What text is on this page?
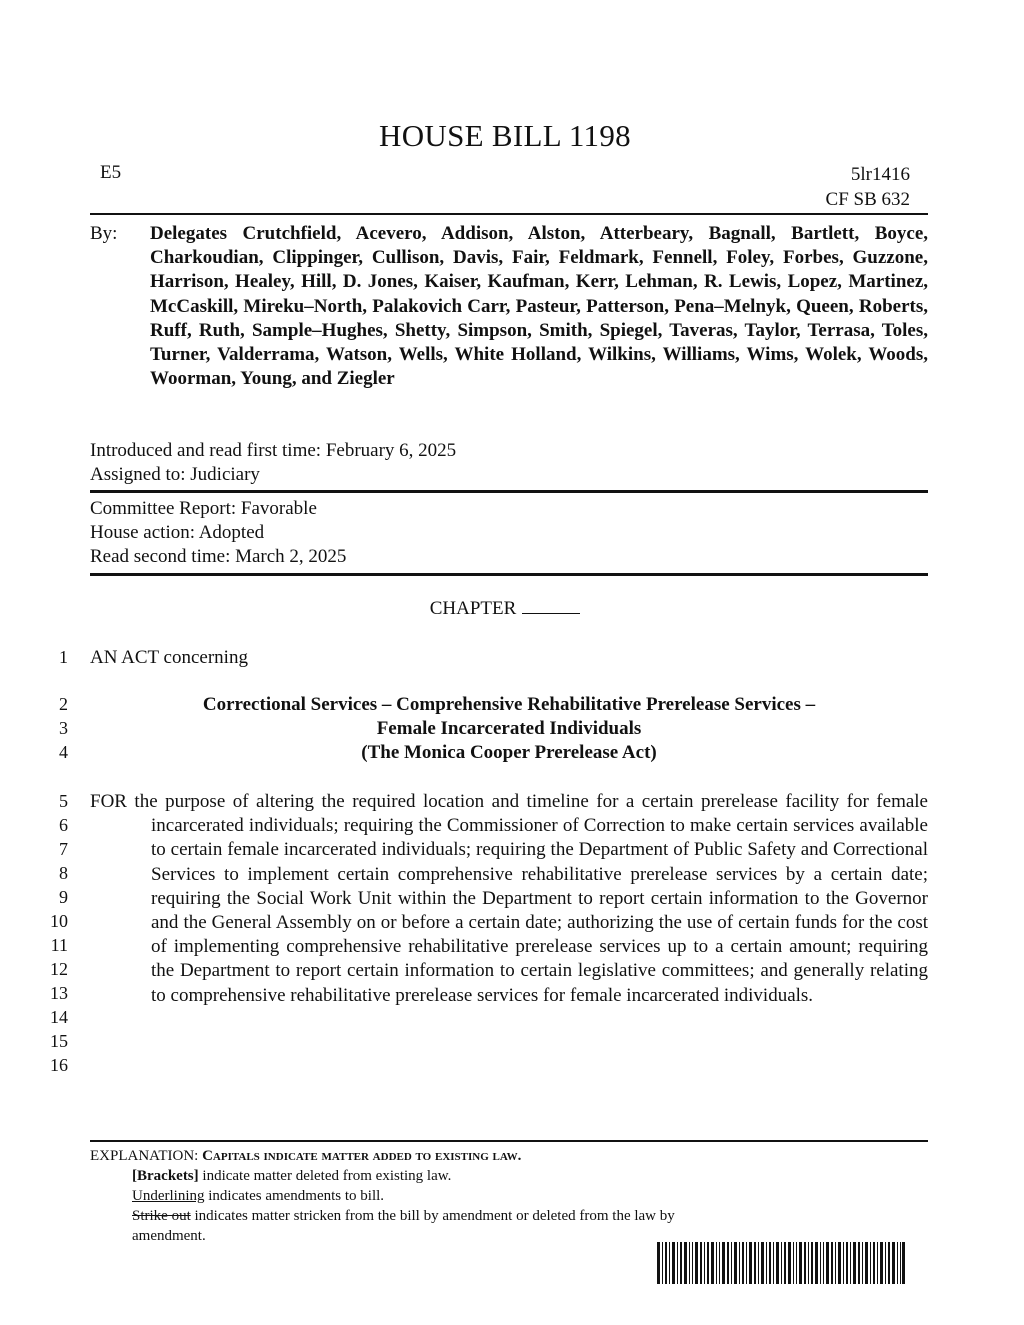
HOUSE BILL 1198
E5	5lr1416
CF SB 632
By: Delegates Crutchfield, Acevero, Addison, Alston, Atterbeary, Bagnall, Bartlett, Boyce, Charkoudian, Clippinger, Cullison, Davis, Fair, Feldmark, Fennell, Foley, Forbes, Guzzone, Harrison, Healey, Hill, D. Jones, Kaiser, Kaufman, Kerr, Lehman, R. Lewis, Lopez, Martinez, McCaskill, Mireku–North, Palakovich Carr, Pasteur, Patterson, Pena–Melnyk, Queen, Roberts, Ruff, Ruth, Sample–Hughes, Shetty, Simpson, Smith, Spiegel, Taveras, Taylor, Terrasa, Toles, Turner, Valderrama, Watson, Wells, White Holland, Wilkins, Williams, Wims, Wolek, Woods, Woorman, Young, and Ziegler
Introduced and read first time: February 6, 2025
Assigned to: Judiciary
Committee Report: Favorable
House action: Adopted
Read second time: March 2, 2025
CHAPTER
1
2
3
4
5
6
7
8
9
10
11
12
13
14
15
16
AN ACT concerning
Correctional Services – Comprehensive Rehabilitative Prerelease Services –
Female Incarcerated Individuals
(The Monica Cooper Prerelease Act)
FOR the purpose of altering the required location and timeline for a certain prerelease facility for female incarcerated individuals; requiring the Commissioner of Correction to make certain services available to certain female incarcerated individuals; requiring the Department of Public Safety and Correctional Services to implement certain comprehensive rehabilitative prerelease services by a certain date; requiring the Social Work Unit within the Department to report certain information to the Governor and the General Assembly on or before a certain date; authorizing the use of certain funds for the cost of implementing comprehensive rehabilitative prerelease services up to a certain amount; requiring the Department to report certain information to certain legislative committees; and generally relating to comprehensive rehabilitative prerelease services for female incarcerated individuals.
EXPLANATION: Capitals indicate matter added to existing law.
[Brackets] indicate matter deleted from existing law.
Underlining indicates amendments to bill.
Strike out indicates matter stricken from the bill by amendment or deleted from the law by
amendment.
